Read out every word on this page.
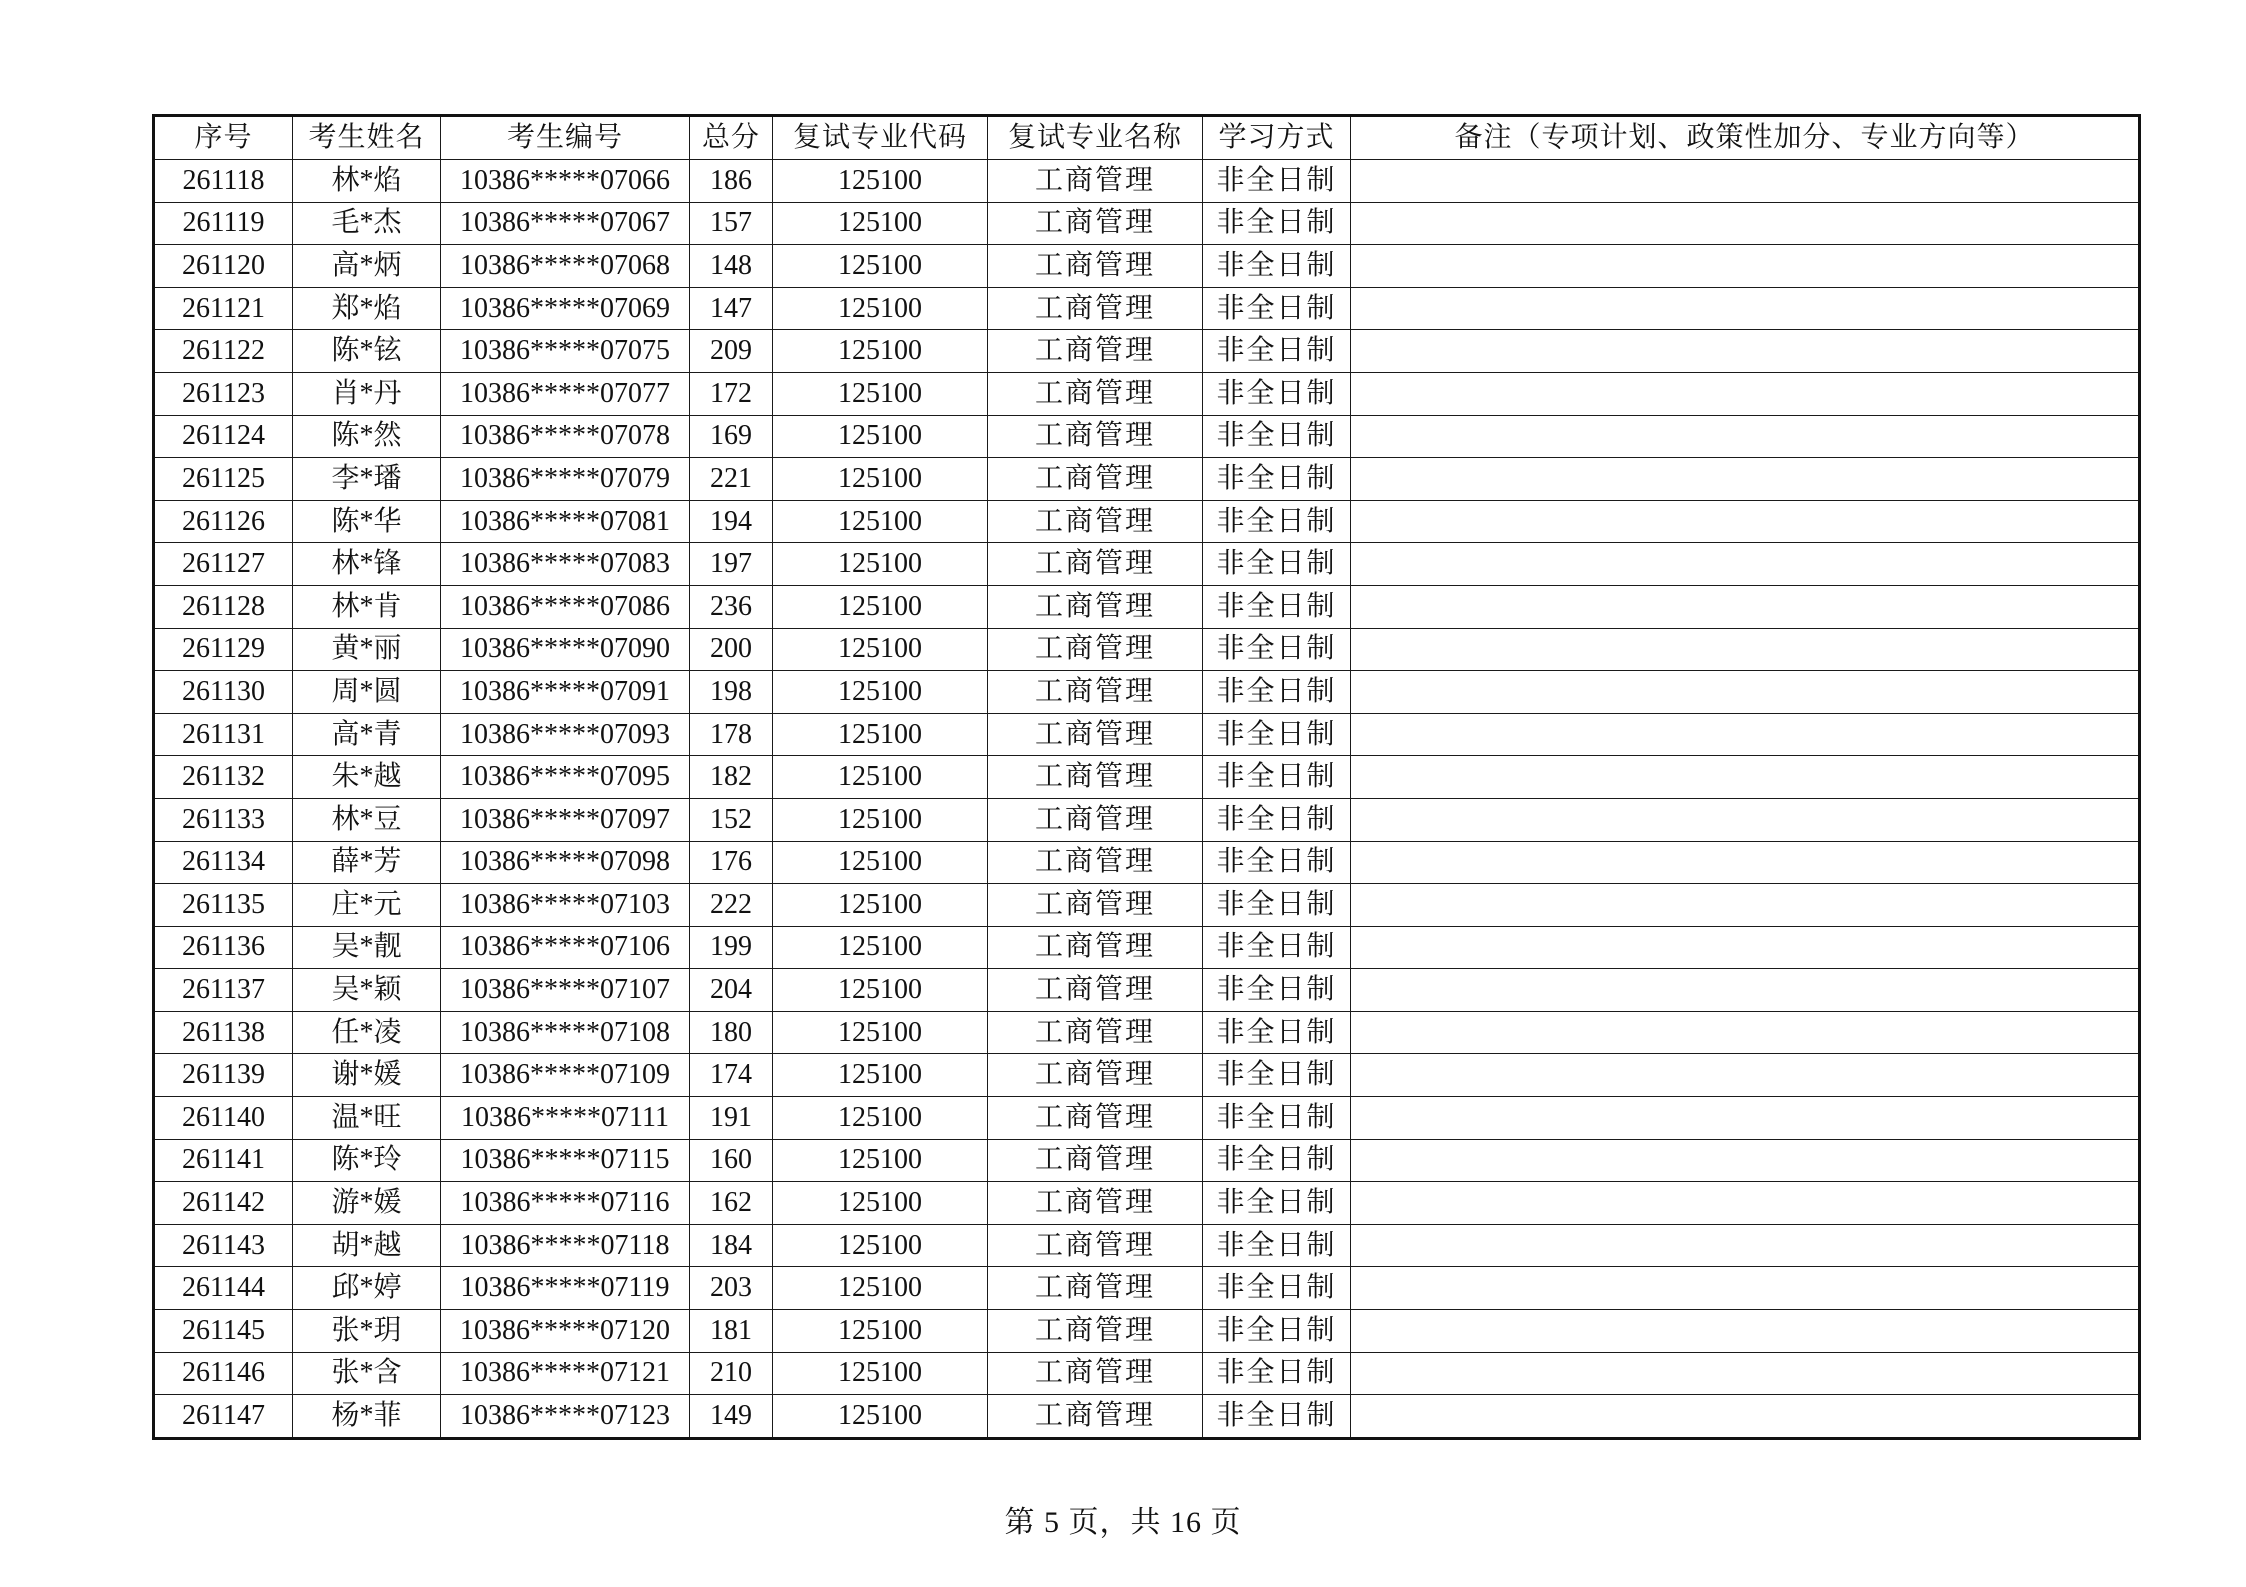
序号	考生姓名	考生编号	总分	复试专业代码	复试专业名称	学习方式	备注（专项计划、政策性加分、专业方向等）
261118	林*焰	10386*****07066	186	125100	工商管理	非全日制	
261119	毛*杰	10386*****07067	157	125100	工商管理	非全日制	
261120	高*炳	10386*****07068	148	125100	工商管理	非全日制	
261121	郑*焰	10386*****07069	147	125100	工商管理	非全日制	
261122	陈*铉	10386*****07075	209	125100	工商管理	非全日制	
261123	肖*丹	10386*****07077	172	125100	工商管理	非全日制	
261124	陈*然	10386*****07078	169	125100	工商管理	非全日制	
261125	李*璠	10386*****07079	221	125100	工商管理	非全日制	
261126	陈*华	10386*****07081	194	125100	工商管理	非全日制	
261127	林*锋	10386*****07083	197	125100	工商管理	非全日制	
261128	林*肯	10386*****07086	236	125100	工商管理	非全日制	
261129	黄*丽	10386*****07090	200	125100	工商管理	非全日制	
261130	周*圆	10386*****07091	198	125100	工商管理	非全日制	
261131	高*青	10386*****07093	178	125100	工商管理	非全日制	
261132	朱*越	10386*****07095	182	125100	工商管理	非全日制	
261133	林*豆	10386*****07097	152	125100	工商管理	非全日制	
261134	薛*芳	10386*****07098	176	125100	工商管理	非全日制	
261135	庄*元	10386*****07103	222	125100	工商管理	非全日制	
261136	吴*靓	10386*****07106	199	125100	工商管理	非全日制	
261137	吴*颖	10386*****07107	204	125100	工商管理	非全日制	
261138	任*凌	10386*****07108	180	125100	工商管理	非全日制	
261139	谢*媛	10386*****07109	174	125100	工商管理	非全日制	
261140	温*旺	10386*****07111	191	125100	工商管理	非全日制	
261141	陈*玲	10386*****07115	160	125100	工商管理	非全日制	
261142	游*媛	10386*****07116	162	125100	工商管理	非全日制	
261143	胡*越	10386*****07118	184	125100	工商管理	非全日制	
261144	邱*婷	10386*****07119	203	125100	工商管理	非全日制	
261145	张*玥	10386*****07120	181	125100	工商管理	非全日制	
261146	张*含	10386*****07121	210	125100	工商管理	非全日制	
261147	杨*菲	10386*****07123	149	125100	工商管理	非全日制	
第 5 页，共 16 页
